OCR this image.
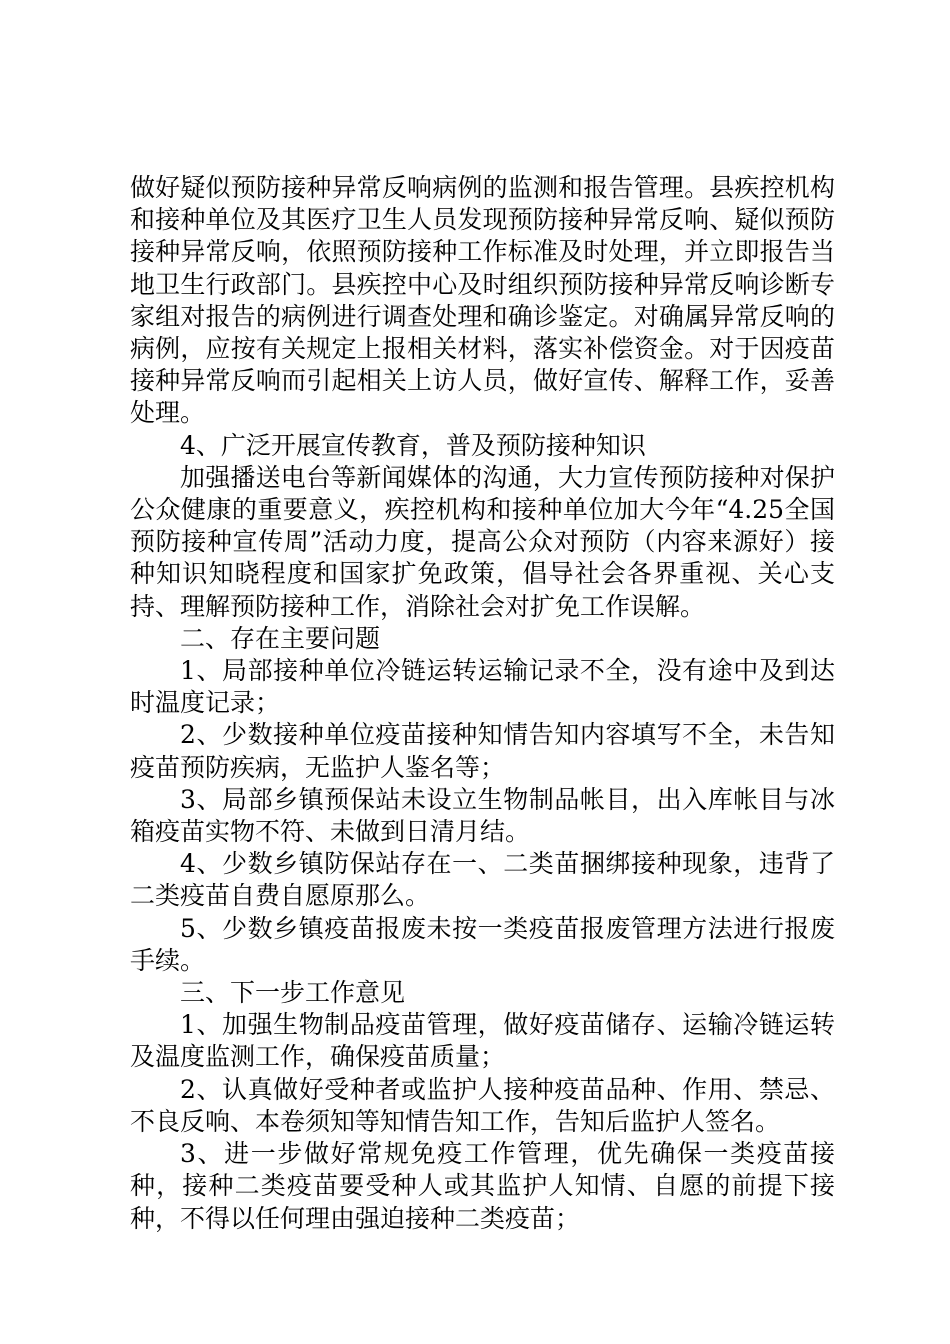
做好疑似预防接种异常反响病例的监测和报告管理。县疾控机构和接种单位及其医疗卫生人员发现预防接种异常反响、疑似预防接种异常反响，依照预防接种工作标准及时处理，并立即报告当地卫生行政部门。县疾控中心及时组织预防接种异常反响诊断专家组对报告的病例进行调查处理和确诊鉴定。对确属异常反响的病例，应按有关规定上报相关材料，落实补偿资金。对于因疫苗接种异常反响而引起相关上访人员，做好宣传、解释工作，妥善处理。

4、广泛开展宣传教育，普及预防接种知识

加强播送电台等新闻媒体的沟通，大力宣传预防接种对保护公众健康的重要意义，疾控机构和接种单位加大今年“4.25全国预防接种宣传周”活动力度，提高公众对预防（内容来源好）接种知识知晓程度和国家扩免政策，倡导社会各界重视、关心支持、理解预防接种工作，消除社会对扩免工作误解。

二、存在主要问题

1、局部接种单位冷链运转运输记录不全，没有途中及到达时温度记录；

2、少数接种单位疫苗接种知情告知内容填写不全，未告知疫苗预防疾病，无监护人鉴名等；

3、局部乡镇预保站未设立生物制品帐目，出入库帐目与冰箱疫苗实物不符、未做到日清月结。

4、少数乡镇防保站存在一、二类苗捆绑接种现象，违背了二类疫苗自费自愿原那么。

5、少数乡镇疫苗报废未按一类疫苗报废管理方法进行报废手续。

三、下一步工作意见

1、加强生物制品疫苗管理，做好疫苗储存、运输冷链运转及温度监测工作，确保疫苗质量；

2、认真做好受种者或监护人接种疫苗品种、作用、禁忌、不良反响、本卷须知等知情告知工作，告知后监护人签名。

3、进一步做好常规免疫工作管理，优先确保一类疫苗接种，接种二类疫苗要受种人或其监护人知情、自愿的前提下接种，不得以任何理由强迫接种二类疫苗；
